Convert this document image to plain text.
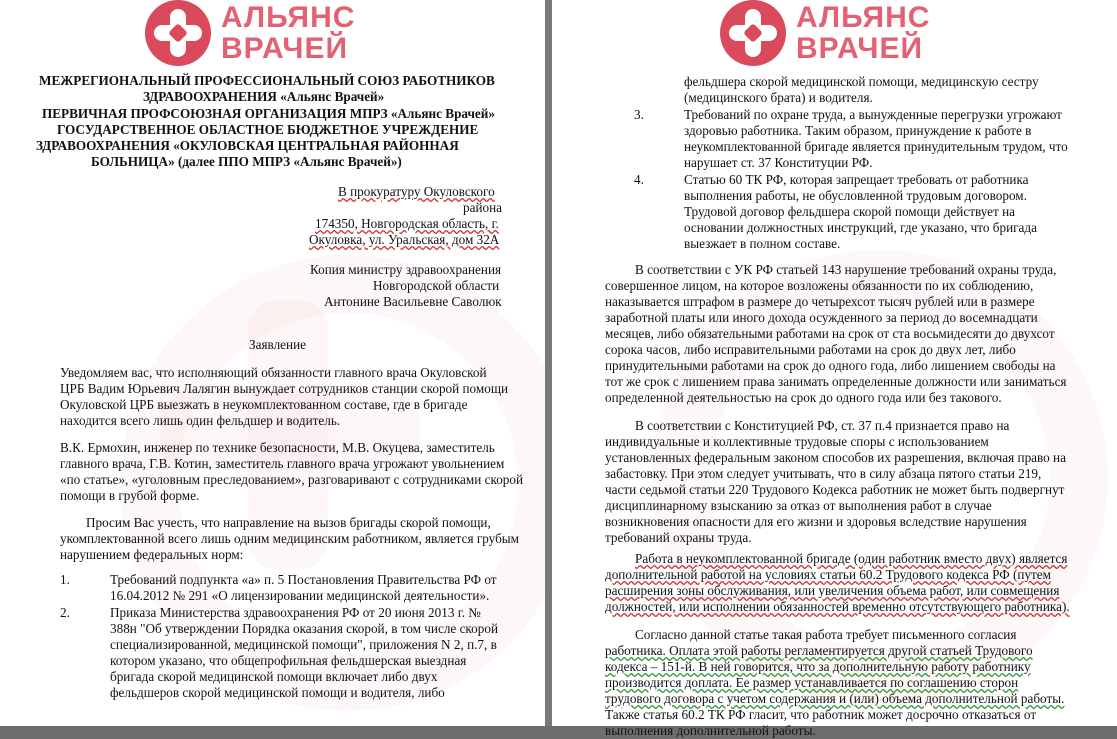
АЛЬЯНС
ВРАЧЕЙ
МЕЖРЕГИОНАЛЬНЫЙ ПРОФЕССИОНАЛЬНЫЙ СОЮЗ РАБОТНИКОВ
ЗДРАВООХРАНЕНИЯ «Альянс Врачей»
ПЕРВИЧНАЯ ПРОФСОЮЗНАЯ ОРГАНИЗАЦИЯ МПРЗ «Альянс Врачей»
ГОСУДАРСТВЕННОЕ ОБЛАСТНОЕ БЮДЖЕТНОЕ УЧРЕЖДЕНИЕ
ЗДРАВООХРАНЕНИЯ «ОКУЛОВСКАЯ ЦЕНТРАЛЬНАЯ РАЙОННАЯ
БОЛЬНИЦА» (далее ППО МПРЗ «Альянс Врачей»)
В прокуратуру Окуловского
района
174350, Новгородская область, г.
Окуловка, ул. Уральская, дом 32А
Копия министру здравоохранения
Новгородской области
Антонине Васильевне Саволюк
Заявление
Уведомляем вас, что исполняющий обязанности главного врача Окуловской
ЦРБ Вадим Юрьевич Лалягин вынуждает сотрудников станции скорой помощи
Окуловской ЦРБ выезжать в неукомплектованном составе, где в бригаде
находится всего лишь один фельдшер и водитель.
В.К. Ермохин, инженер по технике безопасности, М.В. Окуцева, заместитель
главного врача, Г.В. Котин, заместитель главного врача угрожают увольнением
«по статье», «уголовным преследованием», разговаривают с сотрудниками скорой
помощи в грубой форме.
Просим Вас учесть, что направление на вызов бригады скорой помощи,
укомплектованной всего лишь одним медицинским работником, является грубым
нарушением федеральных норм:
1.	Требований подпункта «а» п. 5 Постановления Правительства РФ от
16.04.2012 № 291 «О лицензировании медицинской деятельности».
2.	Приказа Министерства здравоохранения РФ от 20 июня 2013 г. №
388н "Об утверждении Порядка оказания скорой, в том числе скорой
специализированной, медицинской помощи", приложения N 2, п.7, в
котором указано, что общепрофильная фельдшерская выездная
бригада скорой медицинской помощи включает либо двух
фельдшеров скорой медицинской помощи и водителя, либо
АЛЬЯНС
ВРАЧЕЙ
фельдшера скорой медицинской помощи, медицинскую сестру
(медицинского брата) и водителя.
3.	Требований по охране труда, а вынужденные перегрузки угрожают
здоровью работника. Таким образом, принуждение к работе в
неукомплектованной бригаде является принудительным трудом, что
нарушает ст. 37 Конституции РФ.
4.	Статью 60 ТК РФ, которая запрещает требовать от работника
выполнения работы, не обусловленной трудовым договором.
Трудовой договор фельдшера скорой помощи действует на
основании должностных инструкций, где указано, что бригада
выезжает в полном составе.
В соответствии с УК РФ статьей 143 нарушение требований охраны труда,
совершенное лицом, на которое возложены обязанности по их соблюдению,
наказывается штрафом в размере до четырехсот тысяч рублей или в размере
заработной платы или иного дохода осужденного за период до восемнадцати
месяцев, либо обязательными работами на срок от ста восьмидесяти до двухсот
сорока часов, либо исправительными работами на срок до двух лет, либо
принудительными работами на срок до одного года, либо лишением свободы на
тот же срок с лишением права занимать определенные должности или заниматься
определенной деятельностью на срок до одного года или без такового.
В соответствии с Конституцией РФ, ст. 37 п.4 признается право на
индивидуальные и коллективные трудовые споры с использованием
установленных федеральным законом способов их разрешения, включая право на
забастовку. При этом следует учитывать, что в силу абзаца пятого статьи 219,
части седьмой статьи 220 Трудового Кодекса работник не может быть подвергнут
дисциплинарному взысканию за отказ от выполнения работ в случае
возникновения опасности для его жизни и здоровья вследствие нарушения
требований охраны труда.
Работа в неукомплектованной бригаде (один работник вместо двух) является
дополнительной работой на условиях статьи 60.2 Трудового кодекса РФ (путем
расширения зоны обслуживания, или увеличения объема работ, или совмещения
должностей, или исполнении обязанностей временно отсутствующего работника).
Согласно данной статье такая работа требует письменного согласия
работника. Оплата этой работы регламентируется другой статьей Трудового
кодекса – 151-й. В ней говорится, что за дополнительную работу работнику
производится доплата. Ее размер устанавливается по соглашению сторон
трудового договора с учетом содержания и (или) объема дополнительной работы.
Также статья 60.2 ТК РФ гласит, что работник может досрочно отказаться от
выполнения дополнительной работы.
